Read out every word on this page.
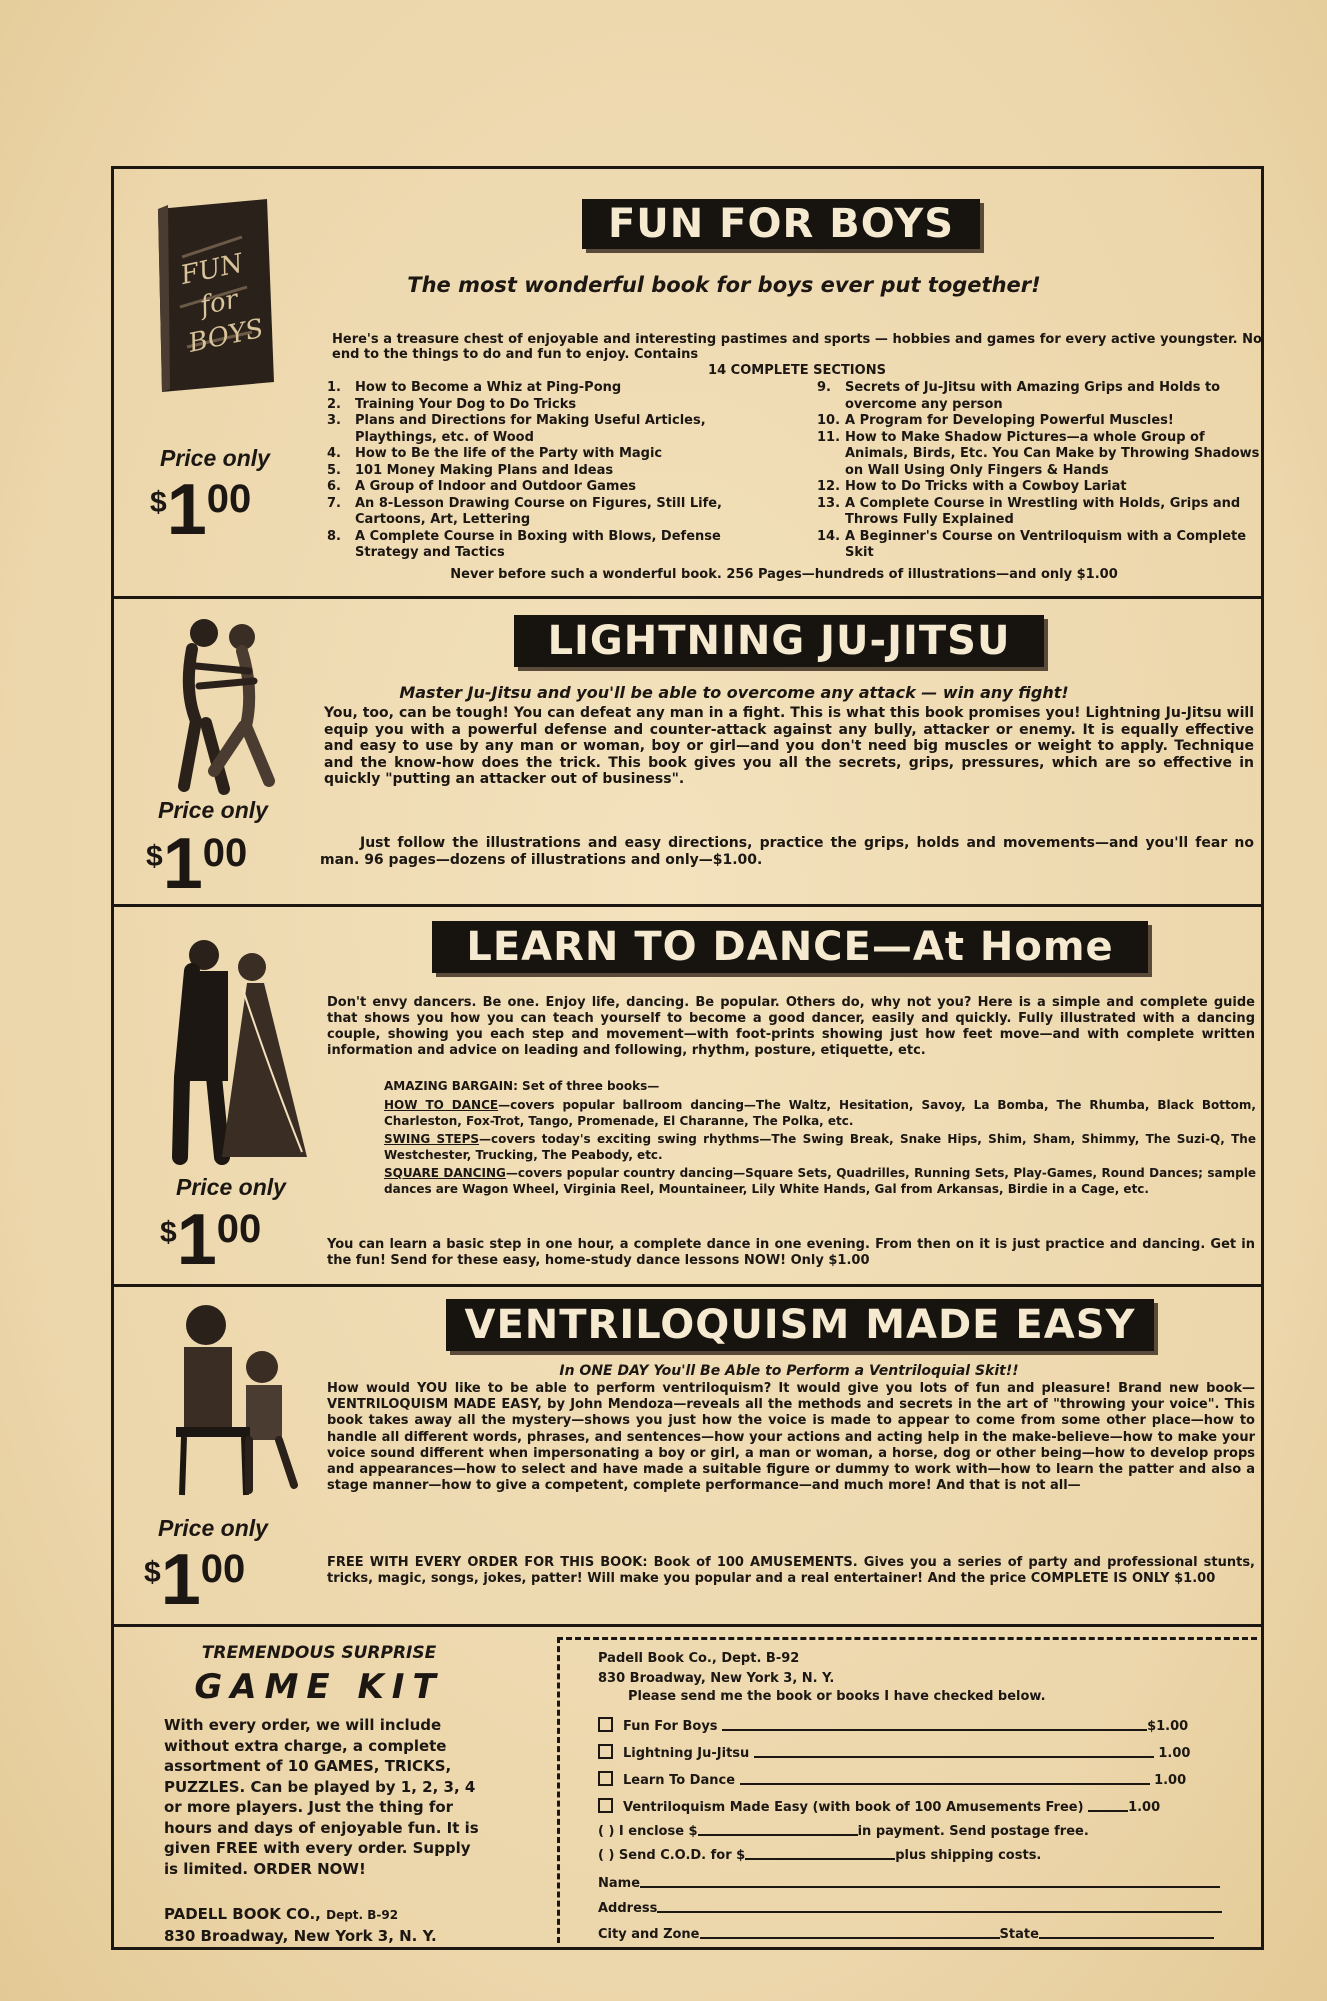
FUN for BOYS
Price only
$100
FUN FOR BOYS
The most wonderful book for boys ever put together!
Here's a treasure chest of enjoyable and interesting pastimes and sports — hobbies and games for every active youngster. No end to the things to do and fun to enjoy. Contains
14 COMPLETE SECTIONS
1. How to Become a Whiz at Ping-Pong
2. Training Your Dog to Do Tricks
3. Plans and Directions for Making Useful Articles, Playthings, etc. of Wood
4. How to Be the life of the Party with Magic
5. 101 Money Making Plans and Ideas
6. A Group of Indoor and Outdoor Games
7. An 8-Lesson Drawing Course on Figures, Still Life, Cartoons, Art, Lettering
8. A Complete Course in Boxing with Blows, Defense Strategy and Tactics
9. Secrets of Ju-Jitsu with Amazing Grips and Holds to overcome any person
10. A Program for Developing Powerful Muscles!
11. How to Make Shadow Pictures—a whole Group of Animals, Birds, Etc. You Can Make by Throwing Shadows on Wall Using Only Fingers & Hands
12. How to Do Tricks with a Cowboy Lariat
13. A Complete Course in Wrestling with Holds, Grips and Throws Fully Explained
14. A Beginner's Course on Ventriloquism with a Complete Skit
Never before such a wonderful book. 256 Pages—hundreds of illustrations—and only $1.00
Price only
$100
LIGHTNING JU-JITSU
Master Ju-Jitsu and you'll be able to overcome any attack — win any fight!
You, too, can be tough! You can defeat any man in a fight. This is what this book promises you! Lightning Ju-Jitsu will equip you with a powerful defense and counter-attack against any bully, attacker or enemy. It is equally effective and easy to use by any man or woman, boy or girl—and you don't need big muscles or weight to apply. Technique and the know-how does the trick. This book gives you all the secrets, grips, pressures, which are so effective in quickly "putting an attacker out of business".
Just follow the illustrations and easy directions, practice the grips, holds and movements—and you'll fear no man. 96 pages—dozens of illustrations and only—$1.00.
Price only
$100
LEARN TO DANCE—At Home
Don't envy dancers. Be one. Enjoy life, dancing. Be popular. Others do, why not you? Here is a simple and complete guide that shows you how you can teach yourself to become a good dancer, easily and quickly. Fully illustrated with a dancing couple, showing you each step and movement—with foot-prints showing just how feet move—and with complete written information and advice on leading and following, rhythm, posture, etiquette, etc.
AMAZING BARGAIN: Set of three books—

HOW TO DANCE—covers popular ballroom dancing—The Waltz, Hesitation, Savoy, La Bomba, The Rhumba, Black Bottom, Charleston, Fox-Trot, Tango, Promenade, El Charanne, The Polka, etc.

SWING STEPS—covers today's exciting swing rhythms—The Swing Break, Snake Hips, Shim, Sham, Shimmy, The Suzi-Q, The Westchester, Trucking, The Peabody, etc.

SQUARE DANCING—covers popular country dancing—Square Sets, Quadrilles, Running Sets, Play-Games, Round Dances; sample dances are Wagon Wheel, Virginia Reel, Mountaineer, Lily White Hands, Gal from Arkansas, Birdie in a Cage, etc.

You can learn a basic step in one hour, a complete dance in one evening. From then on it is just practice and dancing. Get in the fun! Send for these easy, home-study dance lessons NOW! Only $1.00
Price only
$100
VENTRILOQUISM MADE EASY
In ONE DAY You'll Be Able to Perform a Ventriloquial Skit!!
How would YOU like to be able to perform ventriloquism? It would give you lots of fun and pleasure! Brand new book—VENTRILOQUISM MADE EASY, by John Mendoza—reveals all the methods and secrets in the art of "throwing your voice". This book takes away all the mystery—shows you just how the voice is made to appear to come from some other place—how to handle all different words, phrases, and sentences—how your actions and acting help in the make-believe—how to make your voice sound different when impersonating a boy or girl, a man or woman, a horse, dog or other being—how to develop props and appearances—how to select and have made a suitable figure or dummy to work with—how to learn the patter and also a stage manner—how to give a competent, complete performance—and much more! And that is not all—
FREE WITH EVERY ORDER FOR THIS BOOK: Book of 100 AMUSEMENTS. Gives you a series of party and professional stunts, tricks, magic, songs, jokes, patter! Will make you popular and a real entertainer! And the price COMPLETE IS ONLY $1.00
TREMENDOUS SURPRISE
GAME KIT
With every order, we will include without extra charge, a complete assortment of 10 GAMES, TRICKS, PUZZLES. Can be played by 1, 2, 3, 4 or more players. Just the thing for hours and days of enjoyable fun. It is given FREE with every order. Supply is limited. ORDER NOW!
PADELL BOOK CO., Dept. B-92
830 Broadway, New York 3, N. Y.
Padell Book Co., Dept. B-92
830 Broadway, New York 3, N. Y.
Please send me the book or books I have checked below.
Fun For Boys	$1.00
Lightning Ju-Jitsu	1.00
Learn To Dance	1.00
Ventriloquism Made Easy (with book of 100 Amusements Free)	1.00
( ) I enclose $	in payment. Send postage free.
( ) Send C.O.D. for $	plus shipping costs.
Name
Address
City and Zone	State
